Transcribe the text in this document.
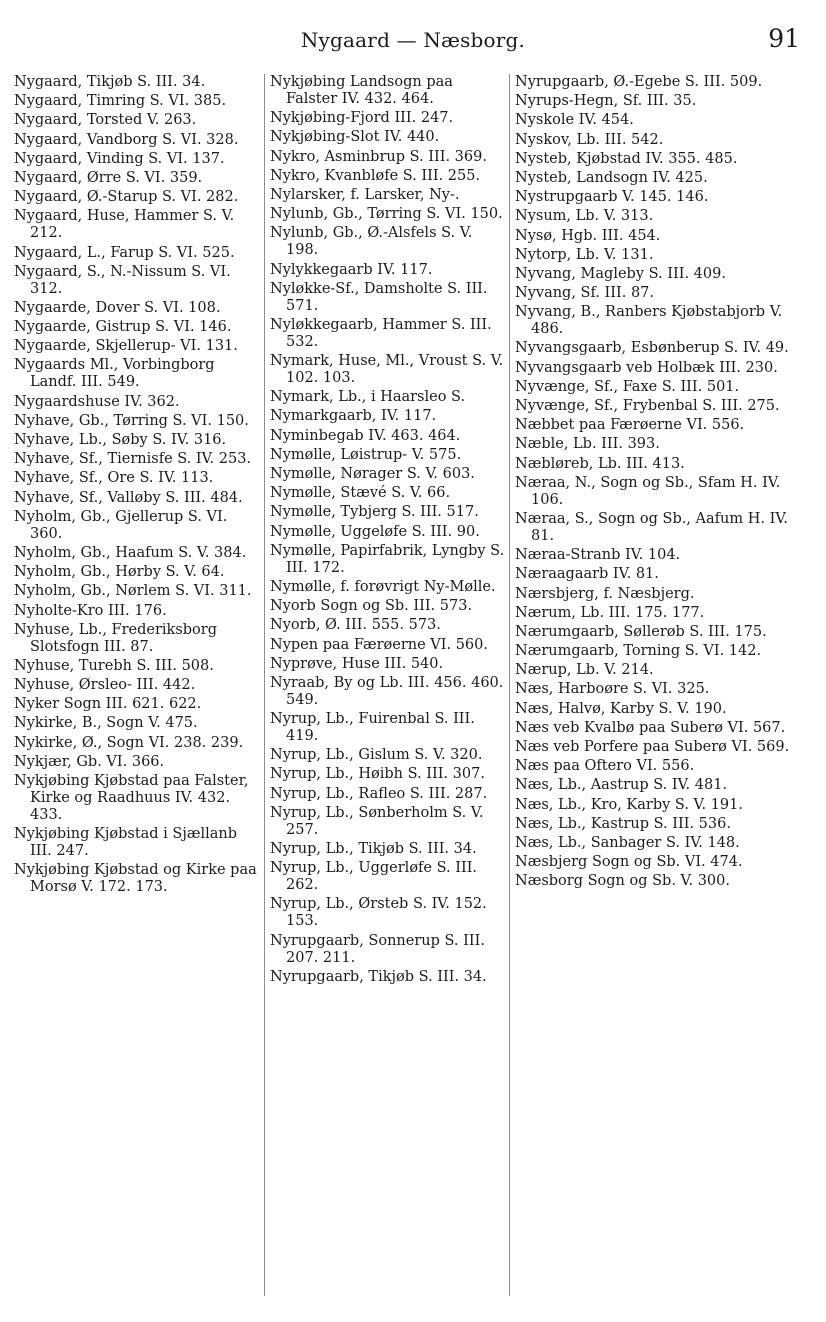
Nygaard — Næsborg.	91
Nygaard, Tikjøb S. III. 34.
Nygaard, Timring S. VI. 385.
Nygaard, Torsted V. 263.
Nygaard, Vandborg S. VI. 328.
Nygaard, Vinding S. VI. 137.
Nygaard, Ørre S. VI. 359.
Nygaard, Ø.-Starup S. VI. 282.
Nygaard, Huse, Hammer S. V. 212.
Nygaard, L., Farup S. VI. 525.
Nygaard, S., N.-Nissum S. VI. 312.
Nygaarde, Dover S. VI. 108.
Nygaarde, Gistrup S. VI. 146.
Nygaarde, Skjellerup- VI. 131.
Nygaards Ml., Vorbingborg Landf. III. 549.
Nygaardshuse IV. 362.
Nyhave, Gb., Tørring S. VI. 150.
Nyhave, Lb., Søby S. IV. 316.
Nyhave, Sf., Tiernisfe S. IV. 253.
Nyhave, Sf., Ore S. IV. 113.
Nyhave, Sf., Valløby S. III. 484.
Nyholm, Gb., Gjellerup S. VI. 360.
Nyholm, Gb., Haafum S. V. 384.
Nyholm, Gb., Hørby S. V. 64.
Nyholm, Gb., Nørlem S. VI. 311.
Nyholte-Kro III. 176.
Nyhuse, Lb., Frederiksborg Slotsfogn III. 87.
Nyhuse, Turebh S. III. 508.
Nyhuse, Ørsleo- III. 442.
Nyker Sogn III. 621. 622.
Nykirke, B., Sogn V. 475.
Nykirke, Ø., Sogn VI. 238. 239.
Nykjær, Gb. VI. 366.
Nykjøbing Kjøbstad paa Falster, Kirke og Raadhuus IV. 432. 433.
Nykjøbing Kjøbstad i Sjællanb III. 247.
Nykjøbing Kjøbstad og Kirke paa Morsø V. 172. 173.
Nykjøbing Landsogn paa Falster IV. 432. 464.
Nykjøbing-Fjord III. 247.
Nykjøbing-Slot IV. 440.
Nykro, Asminbrup S. III. 369.
Nykro, Kvanbløfe S. III. 255.
Nylarsker, f. Larsker, Ny-.
Nylunb, Gb., Tørring S. VI. 150.
Nylunb, Gb., Ø.-Alsfels S. V. 198.
Nylykkegaarb IV. 117.
Nyløkke-Sf., Damsholte S. III. 571.
Nyløkkegaarb, Hammer S. III. 532.
Nymark, Huse, Ml., Vroust S. V. 102. 103.
Nymark, Lb., i Haarsleo S.
Nymarkgaarb, IV. 117.
Nyminbegab IV. 463. 464.
Nymølle, Løistrup- V. 575.
Nymølle, Nørager S. V. 603.
Nymølle, Stævé S. V. 66.
Nymølle, Tybjerg S. III. 517.
Nymølle, Uggeløfe S. III. 90.
Nymølle, Papirfabrik, Lyngby S. III. 172.
Nymølle, f. forøvrigt Ny-Mølle.
Nyorb Sogn og Sb. III. 573.
Nyorb, Ø. III. 555. 573.
Nypen paa Færøerne VI. 560.
Nyprøve, Huse III. 540.
Nyraab, By og Lb. III. 456. 460. 549.
Nyrup, Lb., Fuirenbal S. III. 419.
Nyrup, Lb., Gislum S. V. 320.
Nyrup, Lb., Høibh S. III. 307.
Nyrup, Lb., Rafleo S. III. 287.
Nyrup, Lb., Sønberholm S. V. 257.
Nyrup, Lb., Tikjøb S. III. 34.
Nyrup, Lb., Uggerløfe S. III. 262.
Nyrup, Lb., Ørsteb S. IV. 152. 153.
Nyrupgaarb, Sonnerup S. III. 207. 211.
Nyrupgaarb, Tikjøb S. III. 34.
Nyrupgaarb, Ø.-Egebe S. III. 509.
Nyrups-Hegn, Sf. III. 35.
Nyskole IV. 454.
Nyskov, Lb. III. 542.
Nysteb, Kjøbstad IV. 355. 485.
Nysteb, Landsogn IV. 425.
Nystrupgaarb V. 145. 146.
Nysum, Lb. V. 313.
Nysø, Hgb. III. 454.
Nytorp, Lb. V. 131.
Nyvang, Magleby S. III. 409.
Nyvang, Sf. III. 87.
Nyvang, B., Ranbers Kjøbstabjorb V. 486.
Nyvangsgaarb, Esbønberup S. IV. 49.
Nyvangsgaarb veb Holbæk III. 230.
Nyvænge, Sf., Faxe S. III. 501.
Nyvænge, Sf., Frybenbal S. III. 275.
Næbbet paa Færøerne VI. 556.
Næble, Lb. III. 393.
Næbløreb, Lb. III. 413.
Næraa, N., Sogn og Sb., Sfam H. IV. 106.
Næraa, S., Sogn og Sb., Aafum H. IV. 81.
Næraa-Stranb IV. 104.
Næraagaarb IV. 81.
Nærsbjerg, f. Næsbjerg.
Nærum, Lb. III. 175. 177.
Nærumgaarb, Søllerøb S. III. 175.
Nærumgaarb, Torning S. VI. 142.
Nærup, Lb. V. 214.
Næs, Harboøre S. VI. 325.
Næs, Halvø, Karby S. V. 190.
Næs veb Kvalbø paa Suberø VI. 567.
Næs veb Porfere paa Suberø VI. 569.
Næs paa Oftero VI. 556.
Næs, Lb., Aastrup S. IV. 481.
Næs, Lb., Kro, Karby S. V. 191.
Næs, Lb., Kastrup S. III. 536.
Næs, Lb., Sanbager S. IV. 148.
Næsbjerg Sogn og Sb. VI. 474.
Næsborg Sogn og Sb. V. 300.
